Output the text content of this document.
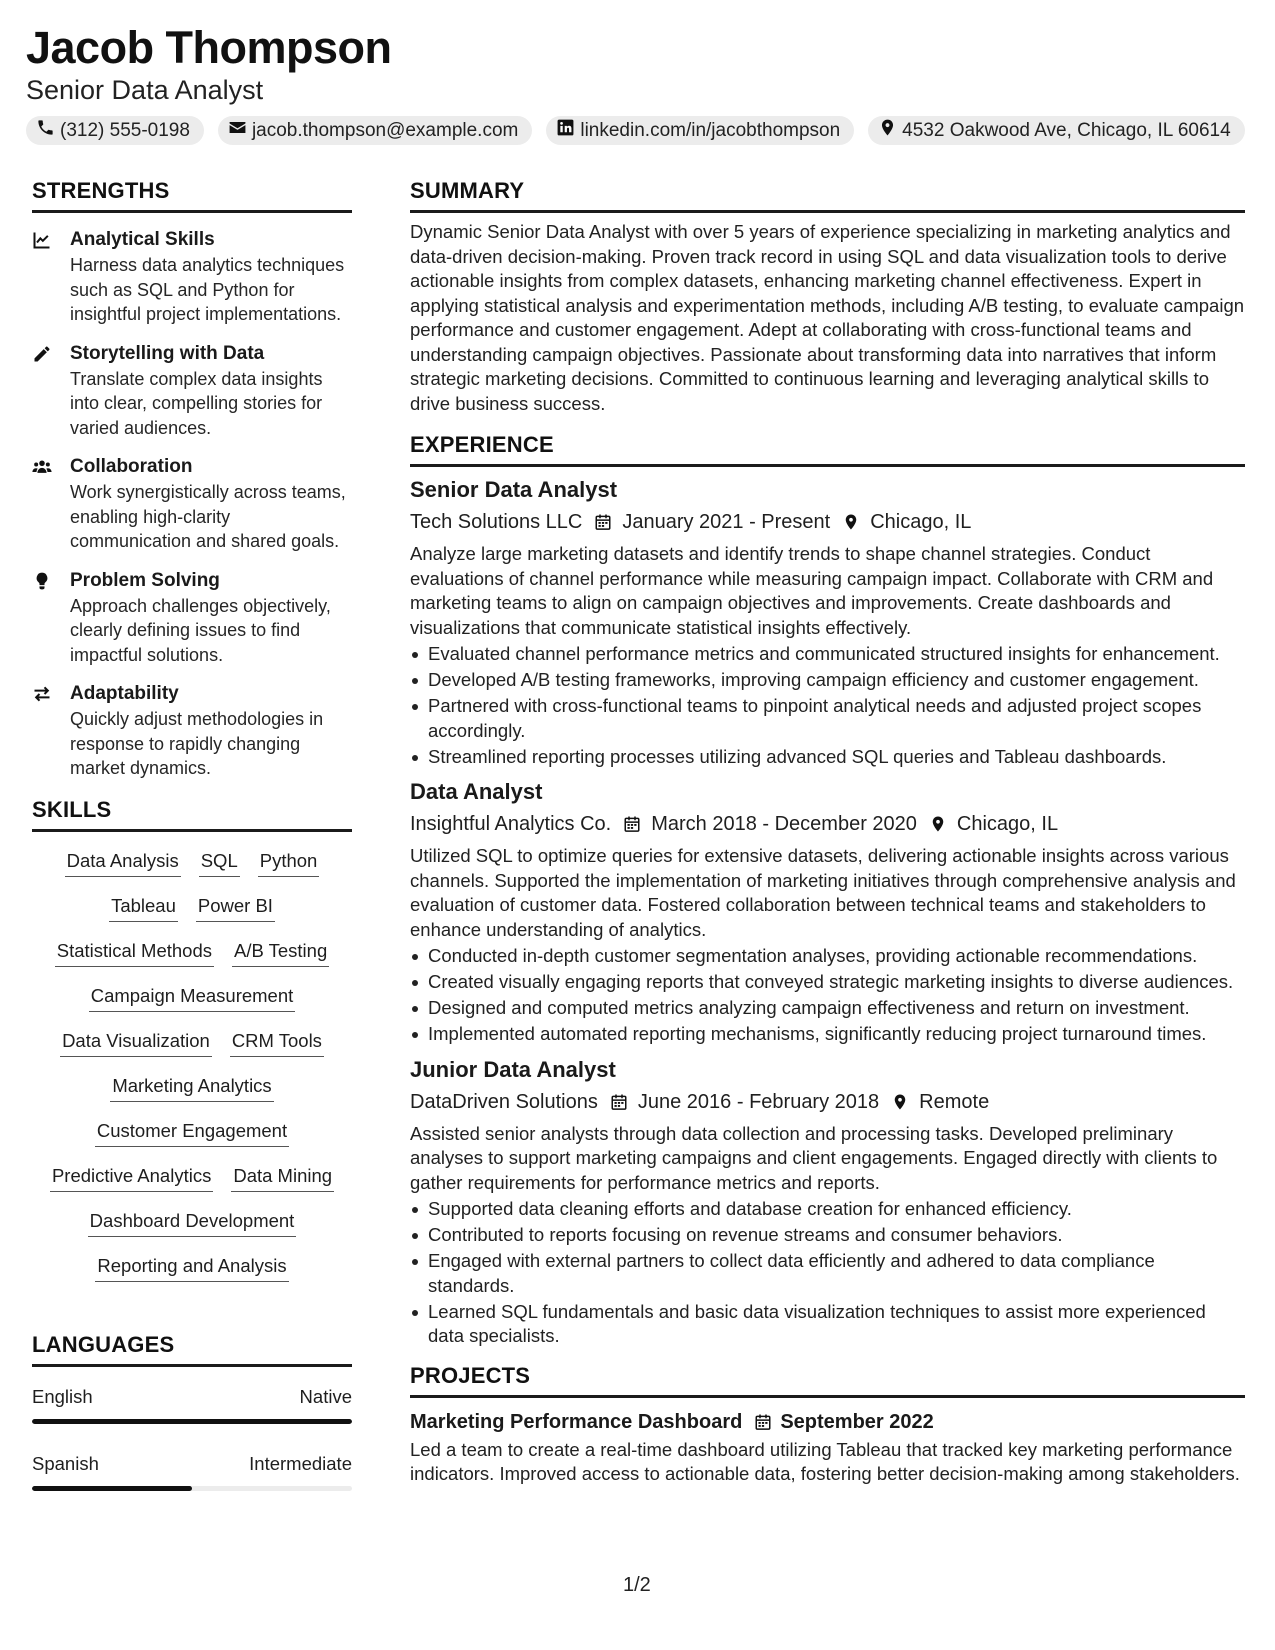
Jacob Thompson
Senior Data Analyst
(312) 555-0198	jacob.thompson@example.com	linkedin.com/in/jacobthompson	4532 Oakwood Ave, Chicago, IL 60614
STRENGTHS
Analytical Skills
Harness data analytics techniques such as SQL and Python for insightful project implementations.
Storytelling with Data
Translate complex data insights into clear, compelling stories for varied audiences.
Collaboration
Work synergistically across teams, enabling high-clarity communication and shared goals.
Problem Solving
Approach challenges objectively, clearly defining issues to find impactful solutions.
Adaptability
Quickly adjust methodologies in response to rapidly changing market dynamics.
SKILLS
Data Analysis SQL Python
Tableau Power BI
Statistical Methods A/B Testing
Campaign Measurement
Data Visualization CRM Tools
Marketing Analytics
Customer Engagement
Predictive Analytics Data Mining
Dashboard Development
Reporting and Analysis
LANGUAGES
English	Native
Spanish	Intermediate
SUMMARY
Dynamic Senior Data Analyst with over 5 years of experience specializing in marketing analytics and data-driven decision-making. Proven track record in using SQL and data visualization tools to derive actionable insights from complex datasets, enhancing marketing channel effectiveness. Expert in applying statistical analysis and experimentation methods, including A/B testing, to evaluate campaign performance and customer engagement. Adept at collaborating with cross-functional teams and understanding campaign objectives. Passionate about transforming data into narratives that inform strategic marketing decisions. Committed to continuous learning and leveraging analytical skills to drive business success.
EXPERIENCE
Senior Data Analyst
Tech Solutions LLC January 2021 - Present Chicago, IL
Analyze large marketing datasets and identify trends to shape channel strategies. Conduct evaluations of channel performance while measuring campaign impact. Collaborate with CRM and marketing teams to align on campaign objectives and improvements. Create dashboards and visualizations that communicate statistical insights effectively.
Evaluated channel performance metrics and communicated structured insights for enhancement.
Developed A/B testing frameworks, improving campaign efficiency and customer engagement.
Partnered with cross-functional teams to pinpoint analytical needs and adjusted project scopes accordingly.
Streamlined reporting processes utilizing advanced SQL queries and Tableau dashboards.
Data Analyst
Insightful Analytics Co. March 2018 - December 2020 Chicago, IL
Utilized SQL to optimize queries for extensive datasets, delivering actionable insights across various channels. Supported the implementation of marketing initiatives through comprehensive analysis and evaluation of customer data. Fostered collaboration between technical teams and stakeholders to enhance understanding of analytics.
Conducted in-depth customer segmentation analyses, providing actionable recommendations.
Created visually engaging reports that conveyed strategic marketing insights to diverse audiences.
Designed and computed metrics analyzing campaign effectiveness and return on investment.
Implemented automated reporting mechanisms, significantly reducing project turnaround times.
Junior Data Analyst
DataDriven Solutions June 2016 - February 2018 Remote
Assisted senior analysts through data collection and processing tasks. Developed preliminary analyses to support marketing campaigns and client engagements. Engaged directly with clients to gather requirements for performance metrics and reports.
Supported data cleaning efforts and database creation for enhanced efficiency.
Contributed to reports focusing on revenue streams and consumer behaviors.
Engaged with external partners to collect data efficiently and adhered to data compliance standards.
Learned SQL fundamentals and basic data visualization techniques to assist more experienced data specialists.
PROJECTS
Marketing Performance Dashboard September 2022
Led a team to create a real-time dashboard utilizing Tableau that tracked key marketing performance indicators. Improved access to actionable data, fostering better decision-making among stakeholders.
1/2
